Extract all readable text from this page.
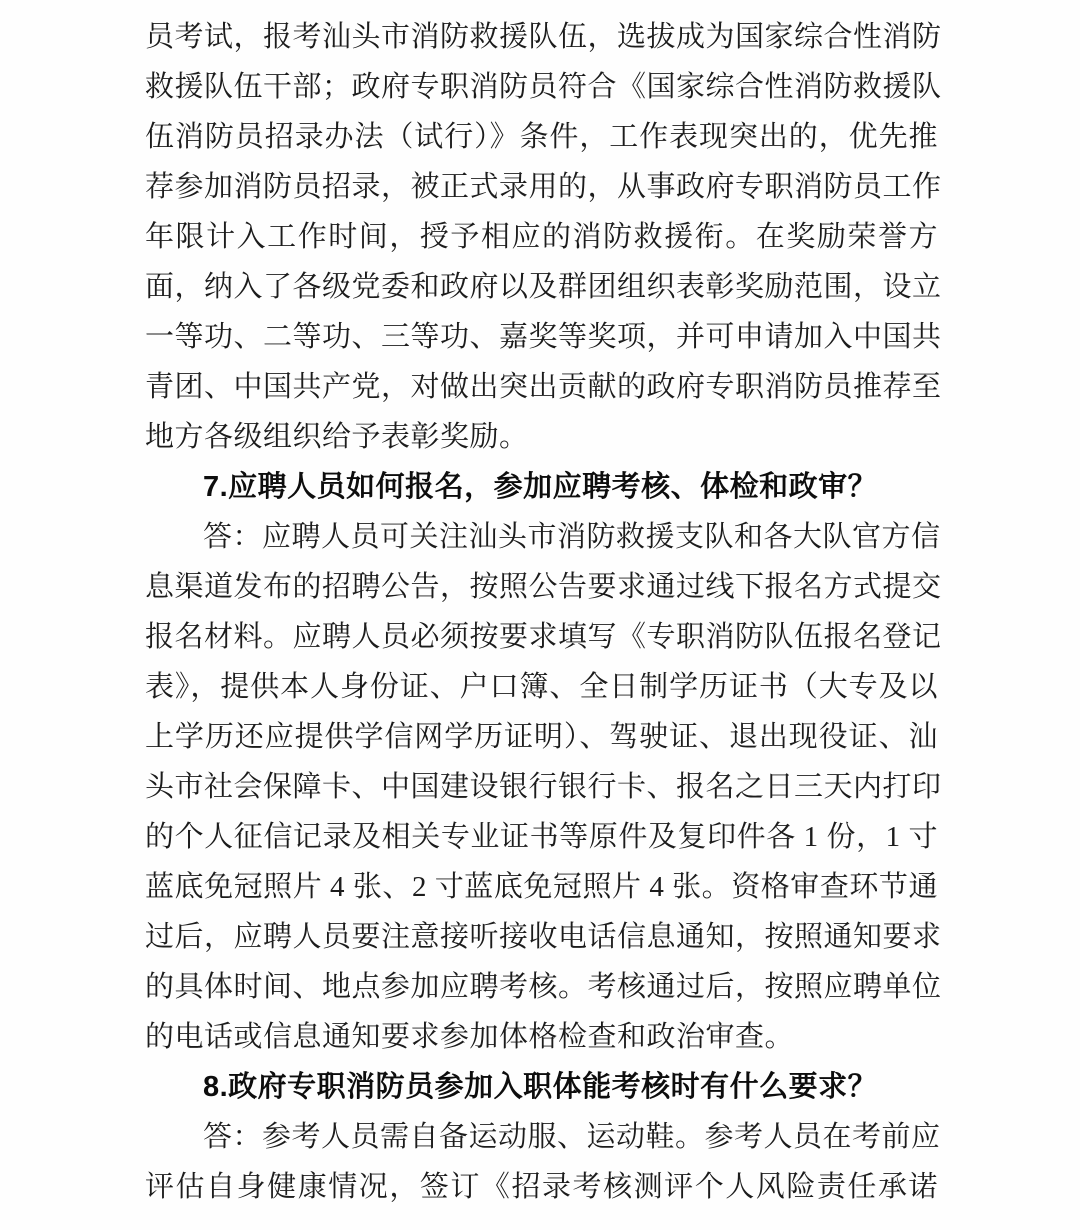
员考试，报考汕头市消防救援队伍，选拔成为国家综合性消防
救援队伍干部；政府专职消防员符合《国家综合性消防救援队
伍消防员招录办法（试行）》条件，工作表现突出的，优先推
荐参加消防员招录，被正式录用的，从事政府专职消防员工作
年限计入工作时间，授予相应的消防救援衔。在奖励荣誉方
面，纳入了各级党委和政府以及群团组织表彰奖励范围，设立
一等功、二等功、三等功、嘉奖等奖项，并可申请加入中国共
青团、中国共产党，对做出突出贡献的政府专职消防员推荐至
地方各级组织给予表彰奖励。
7.应聘人员如何报名，参加应聘考核、体检和政审？
答：应聘人员可关注汕头市消防救援支队和各大队官方信
息渠道发布的招聘公告，按照公告要求通过线下报名方式提交
报名材料。应聘人员必须按要求填写《专职消防队伍报名登记
表》，提供本人身份证、户口簿、全日制学历证书（大专及以
上学历还应提供学信网学历证明）、驾驶证、退出现役证、汕
头市社会保障卡、中国建设银行银行卡、报名之日三天内打印
的个人征信记录及相关专业证书等原件及复印件各 1 份，1 寸
蓝底免冠照片 4 张、2 寸蓝底免冠照片 4 张。资格审查环节通
过后，应聘人员要注意接听接收电话信息通知，按照通知要求
的具体时间、地点参加应聘考核。考核通过后，按照应聘单位
的电话或信息通知要求参加体格检查和政治审查。
8.政府专职消防员参加入职体能考核时有什么要求？
答：参考人员需自备运动服、运动鞋。参考人员在考前应
评估自身健康情况，签订《招录考核测评个人风险责任承诺
